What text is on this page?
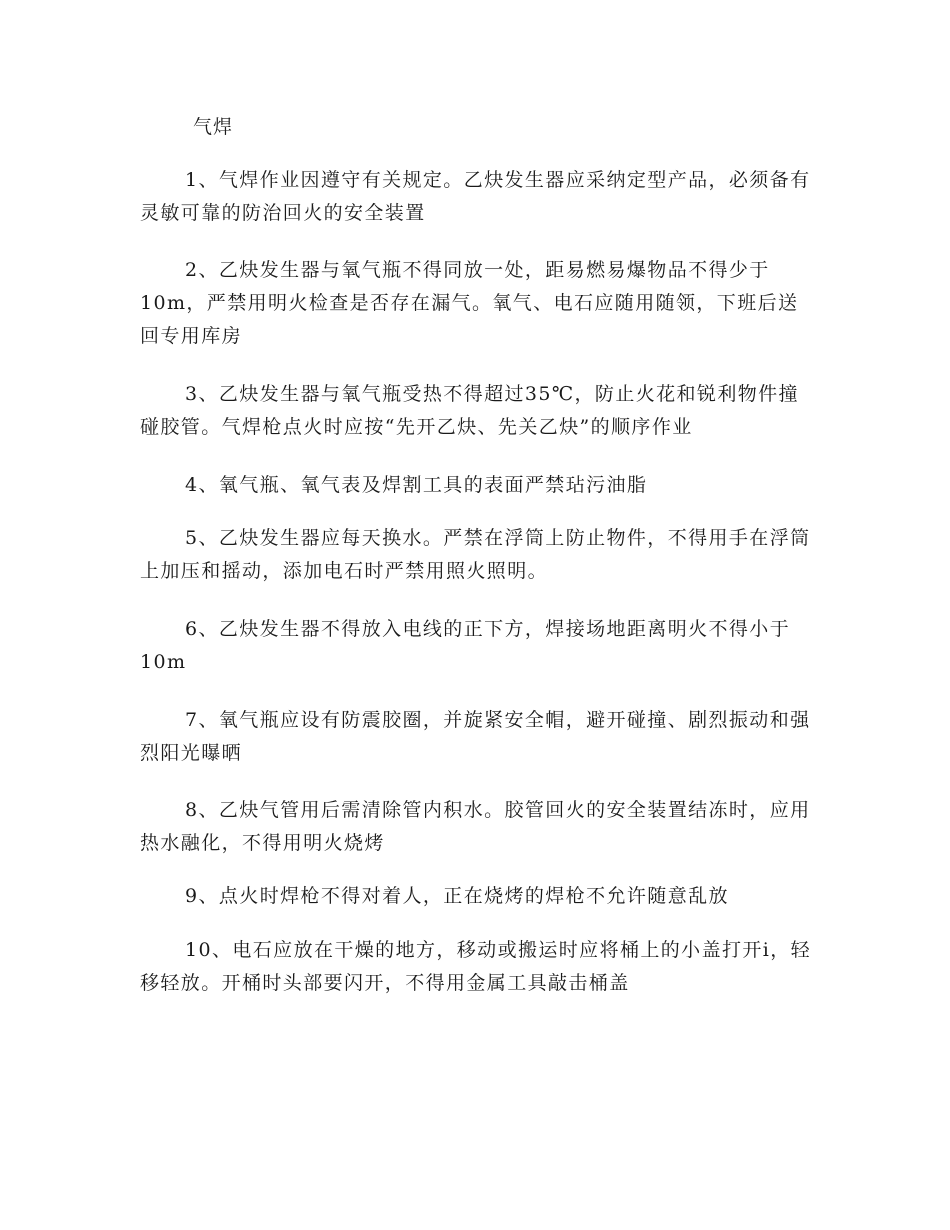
气焊

1、气焊作业因遵守有关规定。乙炔发生器应采纳定型产品，必须备有灵敏可靠的防治回火的安全装置

2、乙炔发生器与氧气瓶不得同放一处，距易燃易爆物品不得少于10m，严禁用明火检查是否存在漏气。氧气、电石应随用随领，下班后送回专用库房

3、乙炔发生器与氧气瓶受热不得超过35℃，防止火花和锐利物件撞碰胶管。气焊枪点火时应按“先开乙炔、先关乙炔”的顺序作业

4、氧气瓶、氧气表及焊割工具的表面严禁玷污油脂

5、乙炔发生器应每天换水。严禁在浮筒上防止物件，不得用手在浮筒上加压和摇动，添加电石时严禁用照火照明。

6、乙炔发生器不得放入电线的正下方，焊接场地距离明火不得小于10m

7、氧气瓶应设有防震胶圈，并旋紧安全帽，避开碰撞、剧烈振动和强烈阳光曝晒

8、乙炔气管用后需清除管内积水。胶管回火的安全装置结冻时，应用热水融化，不得用明火烧烤

9、点火时焊枪不得对着人，正在烧烤的焊枪不允许随意乱放

10、电石应放在干燥的地方，移动或搬运时应将桶上的小盖打开i，轻移轻放。开桶时头部要闪开，不得用金属工具敲击桶盖
